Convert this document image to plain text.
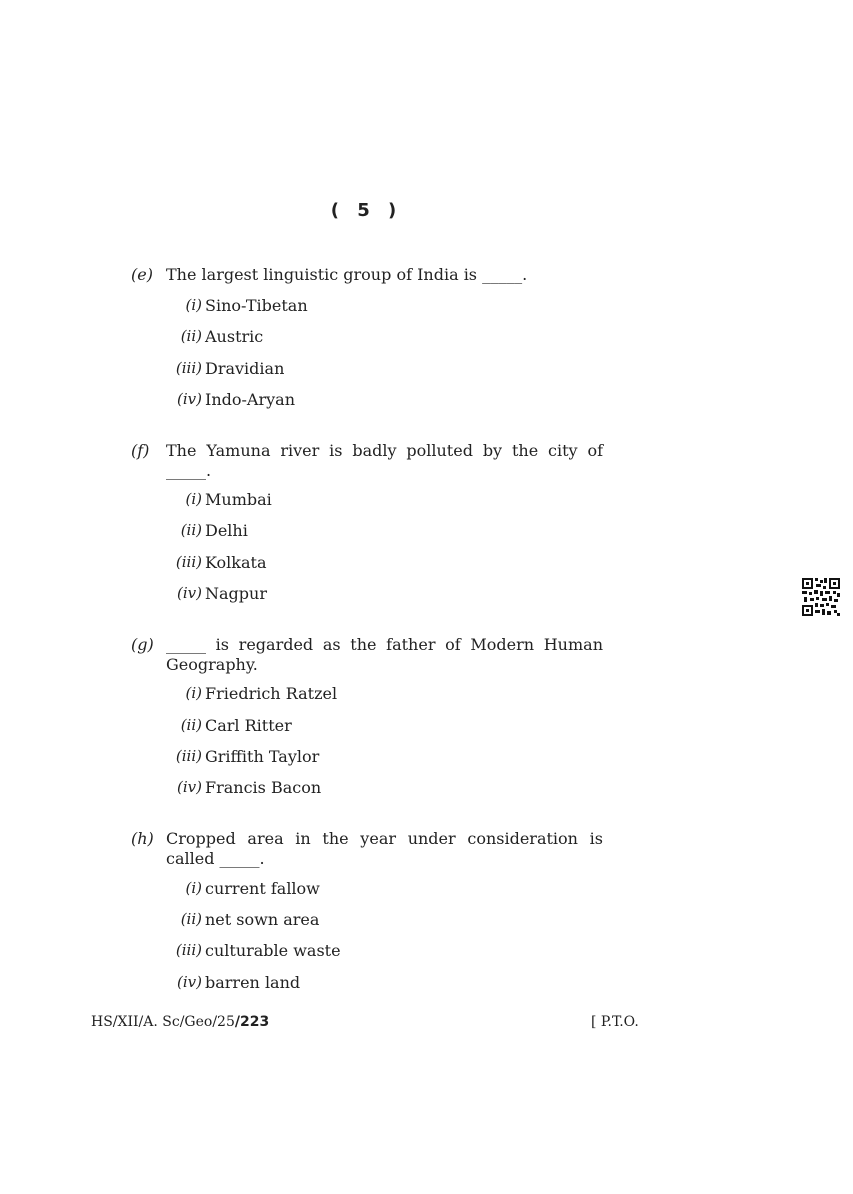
( 5 )
(e) The largest linguistic group of India is _____.
(i) Sino-Tibetan
(ii) Austric
(iii) Dravidian
(iv) Indo-Aryan
(f) The Yamuna river is badly polluted by the city of _____.
(i) Mumbai
(ii) Delhi
(iii) Kolkata
(iv) Nagpur
(g) _____ is regarded as the father of Modern Human Geography.
(i) Friedrich Ratzel
(ii) Carl Ritter
(iii) Griffith Taylor
(iv) Francis Bacon
(h) Cropped area in the year under consideration is called _____.
(i) current fallow
(ii) net sown area
(iii) culturable waste
(iv) barren land
HS/XII/A. Sc/Geo/25/223	[ P.T.O.
